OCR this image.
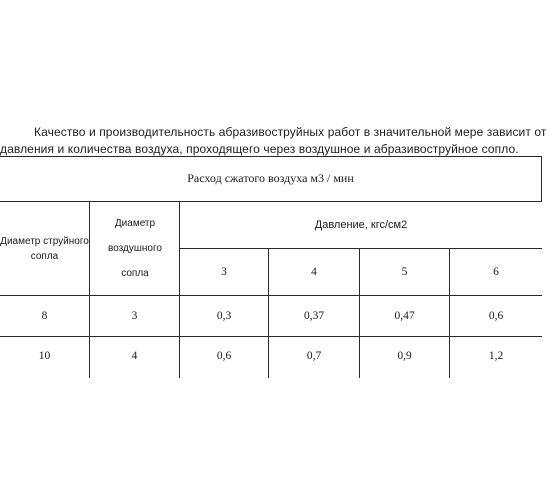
Качество и производительность абразивоструйных работ в значительной мере зависит от
давления и количества воздуха, проходящего через воздушное и абразивоструйное сопло.
Расход сжатого воздуха м3 / мин
Диаметр струйного сопла
Диаметр воздушного сопла
Давление, кгс/см2
3	4	5	6
8	3	0,3	0,37	0,47	0,6
10	4	0,6	0,7	0,9	1,2
